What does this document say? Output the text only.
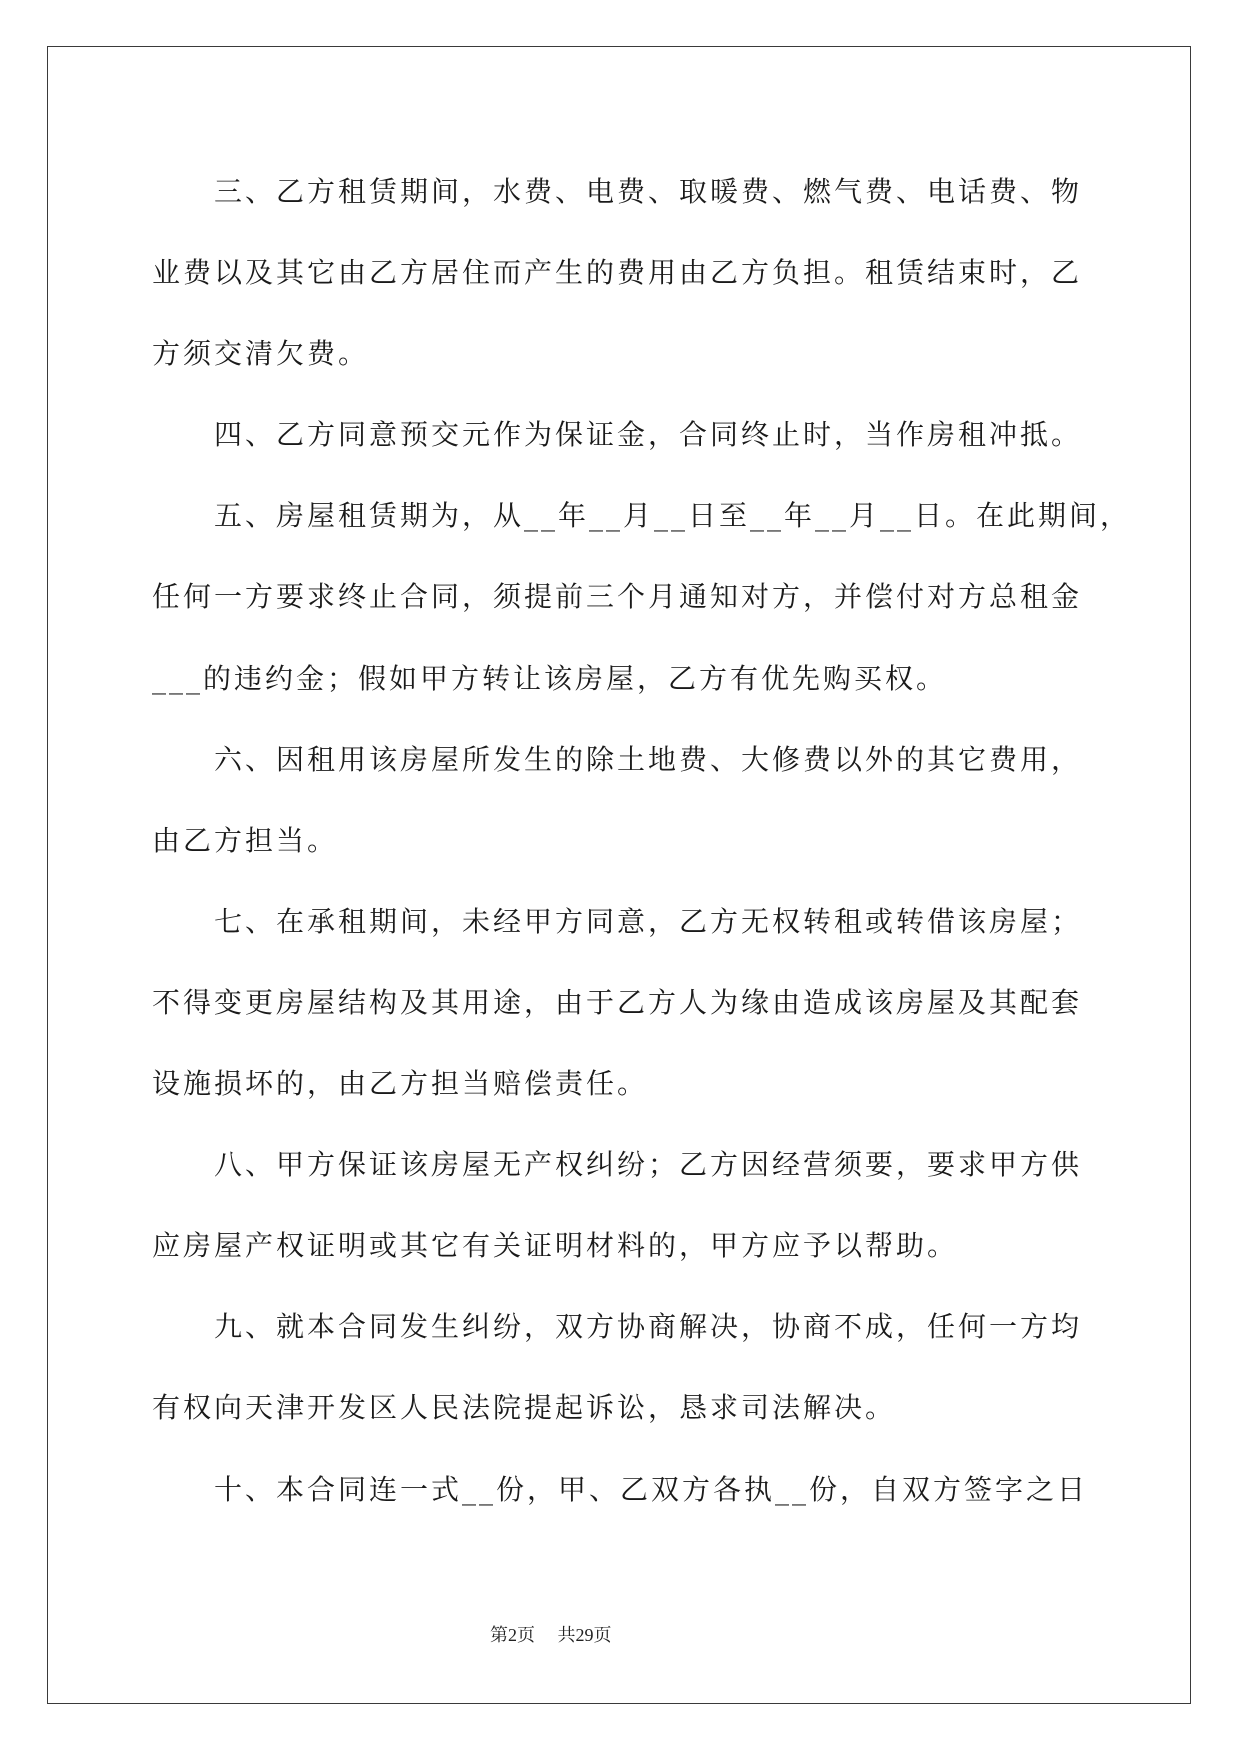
三、乙方租赁期间，水费、电费、取暖费、燃气费、电话费、物
业费以及其它由乙方居住而产生的费用由乙方负担。租赁结束时，乙
方须交清欠费。
四、乙方同意预交元作为保证金，合同终止时，当作房租冲抵。
五、房屋租赁期为，从__年__月__日至__年__月__日。在此期间，
任何一方要求终止合同，须提前三个月通知对方，并偿付对方总租金
___的违约金；假如甲方转让该房屋，乙方有优先购买权。
六、因租用该房屋所发生的除土地费、大修费以外的其它费用，
由乙方担当。
七、在承租期间，未经甲方同意，乙方无权转租或转借该房屋；
不得变更房屋结构及其用途，由于乙方人为缘由造成该房屋及其配套
设施损坏的，由乙方担当赔偿责任。
八、甲方保证该房屋无产权纠纷；乙方因经营须要，要求甲方供
应房屋产权证明或其它有关证明材料的，甲方应予以帮助。
九、就本合同发生纠纷，双方协商解决，协商不成，任何一方均
有权向天津开发区人民法院提起诉讼，恳求司法解决。
十、本合同连一式__份，甲、乙双方各执__份，自双方签字之日
第2页 共29页
